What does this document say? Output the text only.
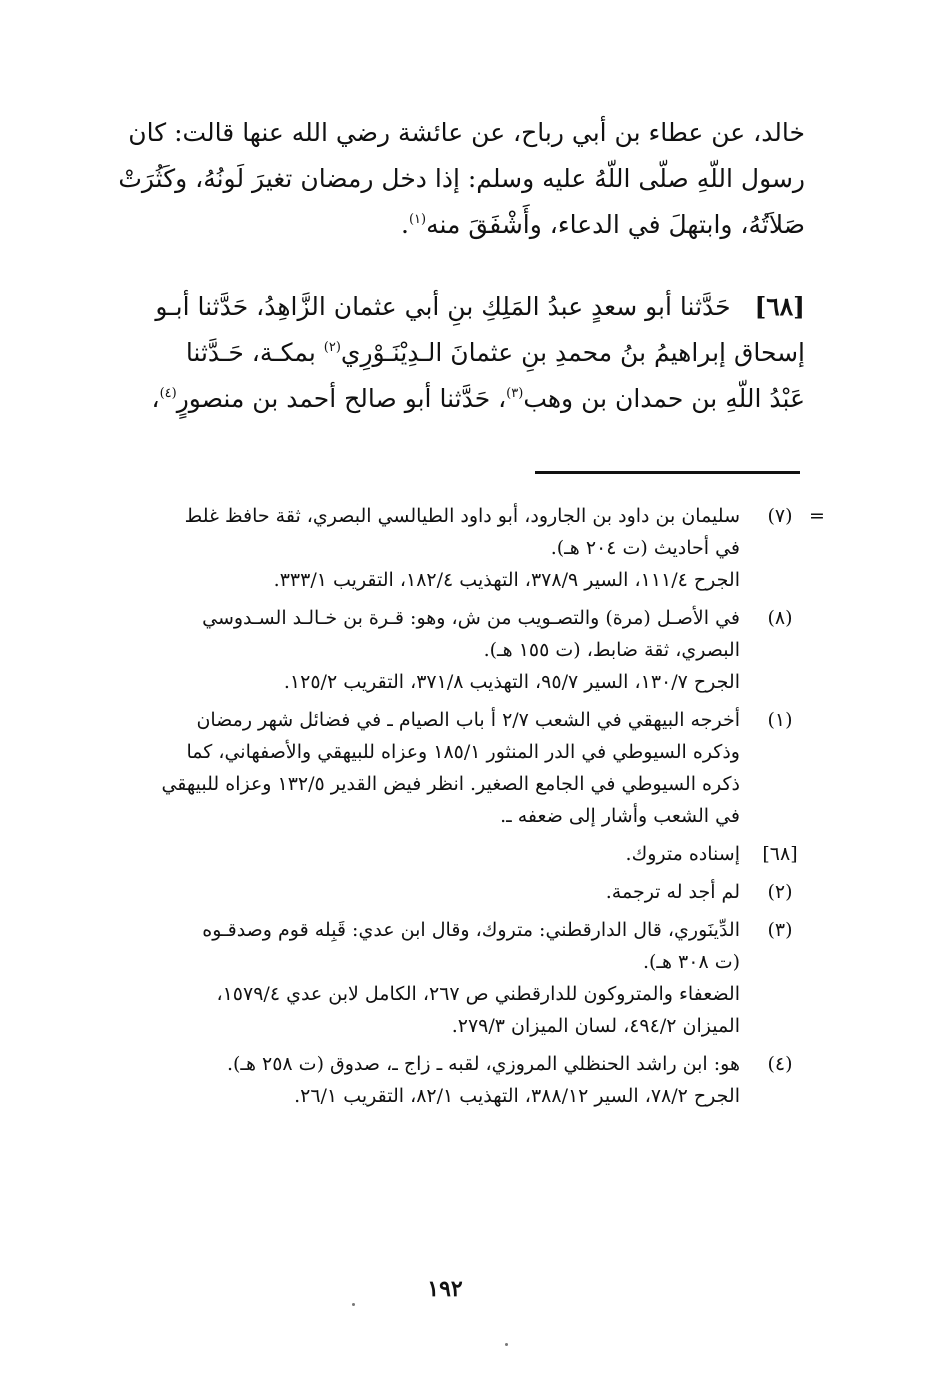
خالد، عن عطاء بن أبي رباح، عن عائشة رضي الله عنها قالت: كان
رسول اللّهِ صلّى اللّهُ عليه وسلم: إذا دخل رمضان تغيرَ لَونُهُ، وكَثُرَتْ
صَلاَتُهُ، وابتهلَ في الدعاء، وأَشْفَقَ منه$^{(١)}$.
[٦٨]   حَدَّثنا أبو سعدٍ عبدُ المَلِكِ بنِ أبي عثمان الزَّاهِدُ، حَدَّثنا أبـو
إسحاق إبراهيمُ بنُ محمدِ بنِ عثمانَ الـدِيْنَـوْرِي$^{(٢)}$ بمكـة، حَـدَّثنا
عَبْدُ اللّهِ بن حمدان بن وهب$^{(٣)}$، حَدَّثنا أبو صالح أحمد بن منصورٍ$^{(٤)}$،
=
(٧)
سليمان بن داود بن الجارود، أبو داود الطيالسي البصري، ثقة حافظ غلط
في أحاديث (ت ٢٠٤ هـ).
الجرح ١١١/٤، السير ٣٧٨/٩، التهذيب ١٨٢/٤، التقريب ٣٣٣/١.
(٨)
في الأصـل (مرة) والتصـويب من ش، وهو: قـرة بن خـالـد السـدوسي
البصري، ثقة ضابط، (ت ١٥٥ هـ).
الجرح ١٣٠/٧، السير ٩٥/٧، التهذيب ٣٧١/٨، التقريب ١٢٥/٢.
(١)
أخرجه البيهقي في الشعب ٢/٧ أ باب الصيام ـ في فضائل شهر رمضان
وذكره السيوطي في الدر المنثور ١٨٥/١ وعزاه للبيهقي والأصفهاني، كما
ذكره السيوطي في الجامع الصغير. انظر فيض القدير ١٣٢/٥ وعزاه للبيهقي
في الشعب وأشار إلى ضعفه ـ.
[٦٨]
إسناده متروك.
(٢)
لم أجد له ترجمة.
(٣)
الدِّينَوري، قال الدارقطني: متروك، وقال ابن عدي: قَبِله قوم وصدقـوه
(ت ٣٠٨ هـ).
الضعفاء والمتروكون للدارقطني ص ٢٦٧، الكامل لابن عدي ١٥٧٩/٤،
الميزان ٤٩٤/٢، لسان الميزان ٢٧٩/٣.
(٤)
هو: ابن راشد الحنظلي المروزي، لقبه ـ زاج ـ، صدوق (ت ٢٥٨ هـ).
الجرح ٧٨/٢، السير ٣٨٨/١٢، التهذيب ٨٢/١، التقريب ٢٦/١.
١٩٢
